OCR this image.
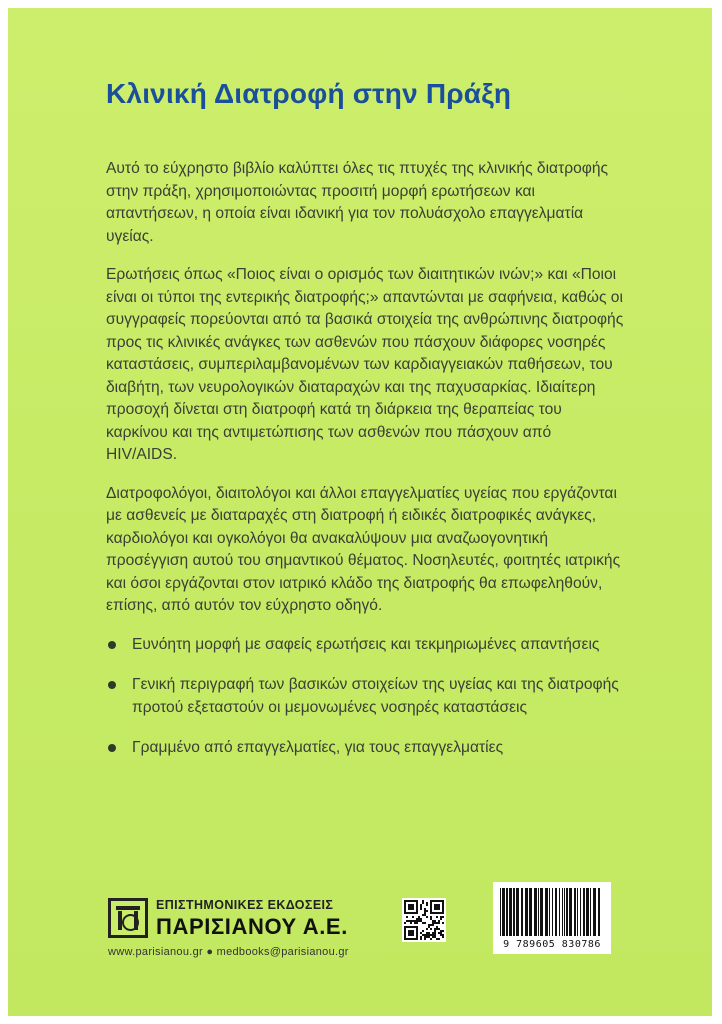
Κλινική Διατροφή στην Πράξη

Αυτό το εύχρηστο βιβλίο καλύπτει όλες τις πτυχές της κλινικής διατροφής στην πράξη, χρησιμοποιώντας προσιτή μορφή ερωτήσεων και απαντήσεων, η οποία είναι ιδανική για τον πολυάσχολο επαγγελματία υγείας.

Ερωτήσεις όπως «Ποιος είναι ο ορισμός των διαιτητικών ινών;» και «Ποιοι είναι οι τύποι της εντερικής διατροφής;» απαντώνται με σαφήνεια, καθώς οι συγγραφείς πορεύονται από τα βασικά στοιχεία της ανθρώπινης διατροφής προς τις κλινικές ανάγκες των ασθενών που πάσχουν διάφορες νοσηρές καταστάσεις, συμπεριλαμβανομένων των καρδιαγγειακών παθήσεων, του διαβήτη, των νευρολογικών διαταραχών και της παχυσαρκίας. Ιδιαίτερη προσοχή δίνεται στη διατροφή κατά τη διάρκεια της θεραπείας του καρκίνου και της αντιμετώπισης των ασθενών που πάσχουν από HIV/AIDS.

Διατροφολόγοι, διαιτολόγοι και άλλοι επαγγελματίες υγείας που εργάζονται με ασθενείς με διαταραχές στη διατροφή ή ειδικές διατροφικές ανάγκες, καρδιολόγοι και ογκολόγοι θα ανακαλύψουν μια αναζωογονητική προσέγγιση αυτού του σημαντικού θέματος. Νοσηλευτές, φοιτητές ιατρικής και όσοι εργάζονται στον ιατρικό κλάδο της διατροφής θα επωφεληθούν, επίσης, από αυτόν τον εύχρηστο οδηγό.

Ευνόητη μορφή με σαφείς ερωτήσεις και τεκμηριωμένες απαντήσεις
Γενική περιγραφή των βασικών στοιχείων της υγείας και της διατροφής προτού εξεταστούν οι μεμονωμένες νοσηρές καταστάσεις
Γραμμένο από επαγγελματίες, για τους επαγγελματίες
ΕΠΙΣΤΗΜΟΝΙΚΕΣ ΕΚΔΟΣΕΙΣ
ΠΑΡΙΣΙΑΝΟΥ Α.Ε.
www.parisianou.gr ● medbooks@parisianou.gr
9 789605 830786
